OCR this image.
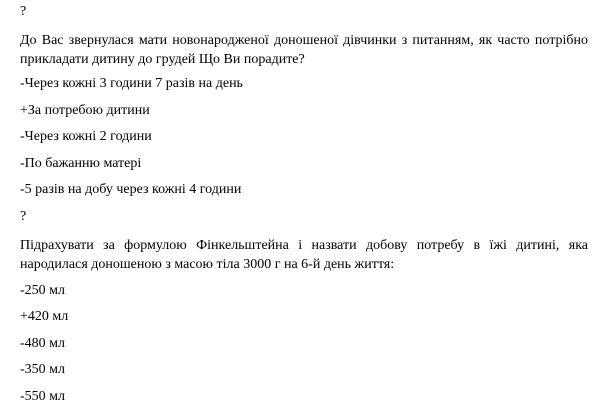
?
До Вас звернулася мати новонародженої доношеної дівчинки з питанням, як часто потрібно прикладати дитину до грудей Що Ви порадите?
-Через кожні 3 години 7 разів на день
+За потребою дитини
-Через кожні 2 години
-По бажанню матері
-5 разів на добу через кожні 4 години
?
Підрахувати за формулою Фінкельштейна і назвати добову потребу в їжі дитині, яка народилася доношеною з масою тіла 3000 г на 6-й день життя:
-250 мл
+420 мл
-480 мл
-350 мл
-550 мл
